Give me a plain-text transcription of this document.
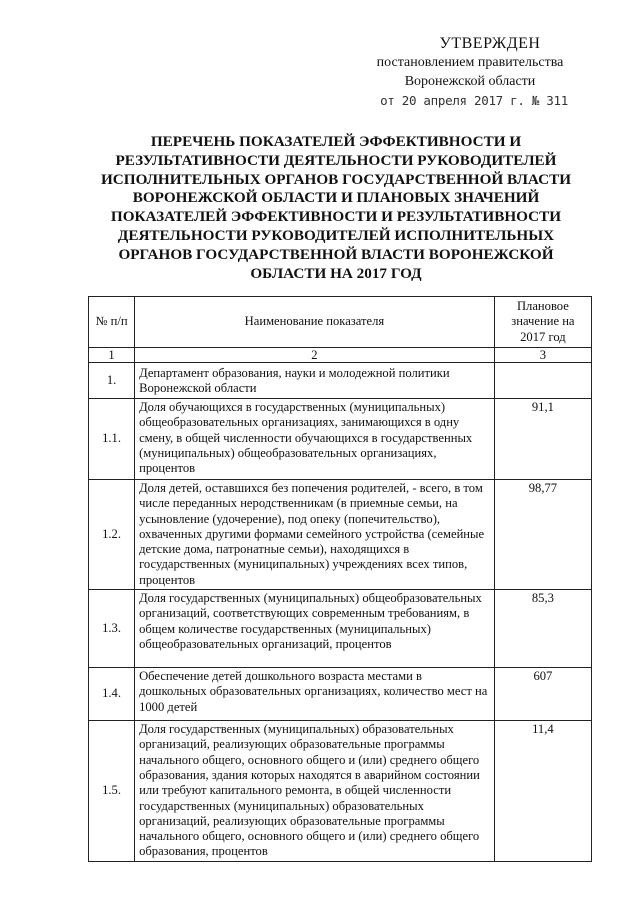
УТВЕРЖДЕН
постановлением правительства
Воронежской области
от 20 апреля 2017 г. № 311
ПЕРЕЧЕНЬ ПОКАЗАТЕЛЕЙ ЭФФЕКТИВНОСТИ И РЕЗУЛЬТАТИВНОСТИ ДЕЯТЕЛЬНОСТИ РУКОВОДИТЕЛЕЙ ИСПОЛНИТЕЛЬНЫХ ОРГАНОВ ГОСУДАРСТВЕННОЙ ВЛАСТИ ВОРОНЕЖСКОЙ ОБЛАСТИ И ПЛАНОВЫХ ЗНАЧЕНИЙ ПОКАЗАТЕЛЕЙ ЭФФЕКТИВНОСТИ И РЕЗУЛЬТАТИВНОСТИ ДЕЯТЕЛЬНОСТИ РУКОВОДИТЕЛЕЙ ИСПОЛНИТЕЛЬНЫХ ОРГАНОВ ГОСУДАРСТВЕННОЙ ВЛАСТИ ВОРОНЕЖСКОЙ ОБЛАСТИ НА 2017 ГОД
№ п/п	Наименование показателя	Плановое значение на 2017 год
1	2	3
1.	Департамент образования, науки и молодежной политики Воронежской области	
1.1.	Доля обучающихся в государственных (муниципальных) общеобразовательных организациях, занимающихся в одну смену, в общей численности обучающихся в государственных (муниципальных) общеобразовательных организациях, процентов	91,1
1.2.	Доля детей, оставшихся без попечения родителей, - всего, в том числе переданных неродственникам (в приемные семьи, на усыновление (удочерение), под опеку (попечительство), охваченных другими формами семейного устройства (семейные детские дома, патронатные семьи), находящихся в государственных (муниципальных) учреждениях всех типов, процентов	98,77
1.3.	Доля государственных (муниципальных) общеобразовательных организаций, соответствующих современным требованиям, в общем количестве государственных (муниципальных) общеобразовательных организаций, процентов	85,3
1.4.	Обеспечение детей дошкольного возраста местами в дошкольных образовательных организациях, количество мест на 1000 детей	607
1.5.	Доля государственных (муниципальных) образовательных организаций, реализующих образовательные программы начального общего, основного общего и (или) среднего общего образования, здания которых находятся в аварийном состоянии или требуют капитального ремонта, в общей численности государственных (муниципальных) образовательных организаций, реализующих образовательные программы начального общего, основного общего и (или) среднего общего образования, процентов	11,4
